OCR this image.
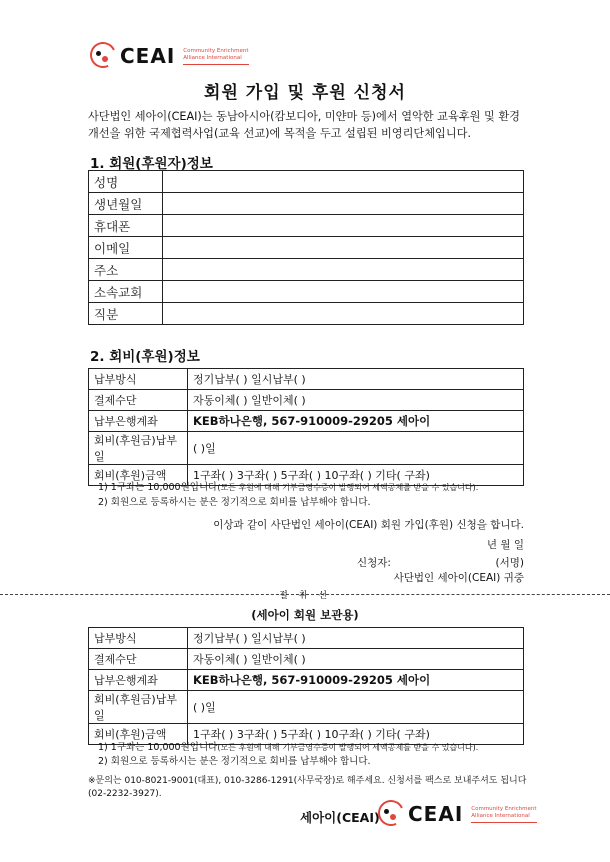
CEAI Community Enrichment
Alliance International
회원 가입 및 후원 신청서
사단법인 세아이(CEAI)는 동남아시아(캄보디아, 미얀마 등)에서 열악한 교육후원 및 환경개선을 위한 국제협력사업(교육 선교)에 목적을 두고 설립된 비영리단체입니다.
1. 회원(후원자)정보
성명	
생년월일	
휴대폰	
이메일	
주소	
소속교회	
직분	
2. 회비(후원)정보
납부방식	정기납부( ) 일시납부( )
결제수단	자동이체( ) 일반이체( )
납부은행계좌	KEB하나은행, 567-910009-29205 세아이
회비(후원금)납부일	( )일
회비(후원)금액	1구좌( ) 3구좌( ) 5구좌( ) 10구좌( ) 기타( 구좌)
1) 1구좌는 10,000원입니다(모든 후원에 대해 기부금영수증이 발행되어 세액공제를 받을 수 있습니다).
2) 회원으로 등록하시는 분은 정기적으로 회비를 납부해야 합니다.
이상과 같이 사단법인 세아이(CEAI) 회원 가입(후원) 신청을 합니다.
년 월 일
신청자:	(서명)
사단법인 세아이(CEAI) 귀중
절 취 선
(세아이 회원 보관용)
납부방식	정기납부( ) 일시납부( )
결제수단	자동이체( ) 일반이체( )
납부은행계좌	KEB하나은행, 567-910009-29205 세아이
회비(후원금)납부일	( )일
회비(후원)금액	1구좌( ) 3구좌( ) 5구좌( ) 10구좌( ) 기타( 구좌)
1) 1구좌는 10,000원입니다(모든 후원에 대해 기부금영수증이 발행되어 세액공제를 받을 수 있습니다).
2) 회원으로 등록하시는 분은 정기적으로 회비를 납부해야 합니다.
※문의는 010-8021-9001(대표), 010-3286-1291(사무국장)로 해주세요. 신청서를 팩스로 보내주셔도 됩니다(02-2232-3927).
세아이(CEAI) CEAI Community Enrichment
Alliance International
